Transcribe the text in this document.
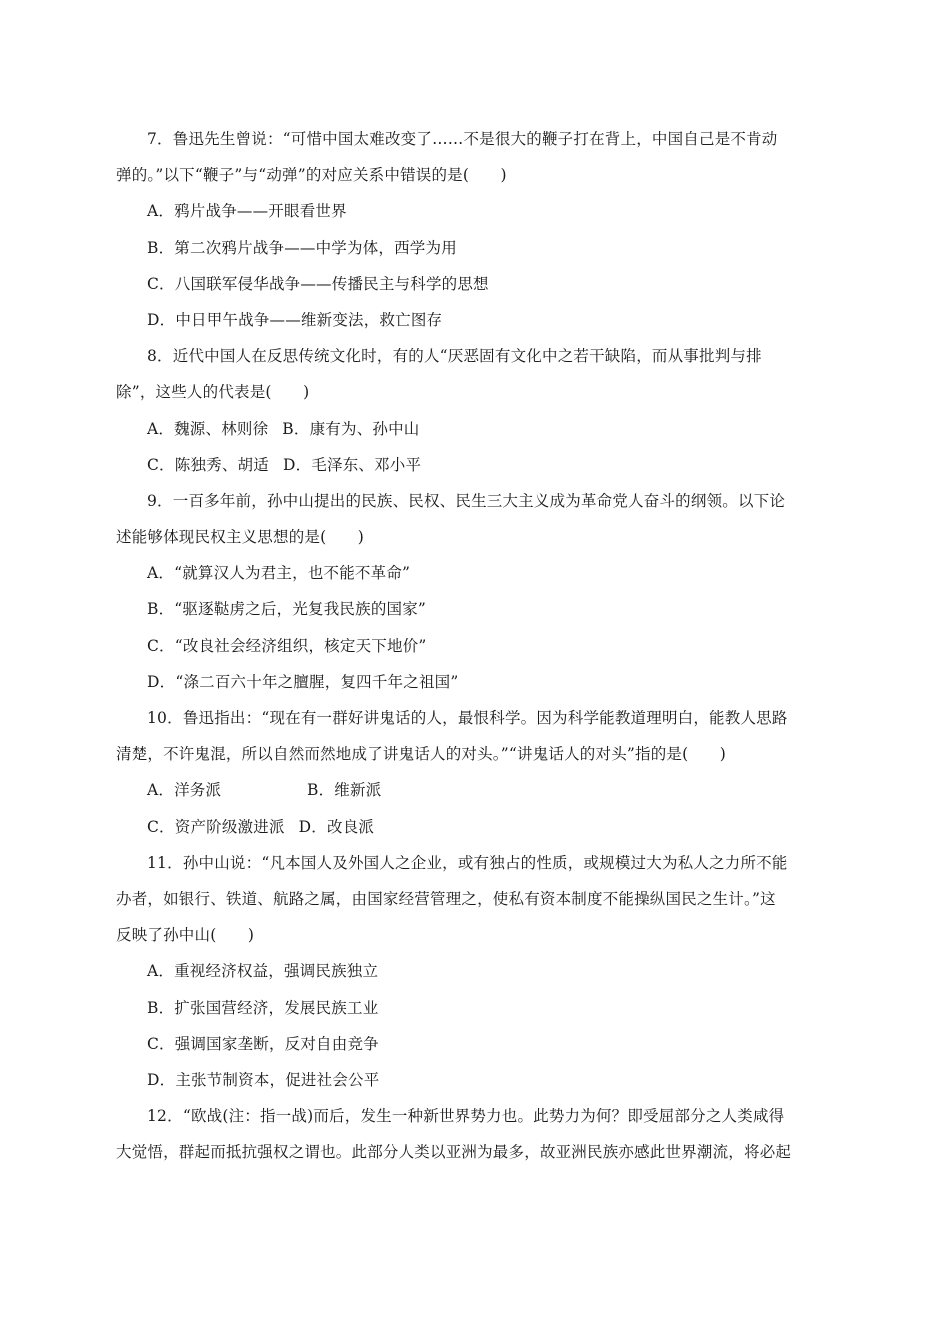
7．鲁迅先生曾说：“可惜中国太难改变了……不是很大的鞭子打在背上，中国自己是不肯动
弹的。”以下“鞭子”与“动弹”的对应关系中错误的是(　　)
A．鸦片战争——开眼看世界
B．第二次鸦片战争——中学为体，西学为用
C．八国联军侵华战争——传播民主与科学的思想
D．中日甲午战争——维新变法，救亡图存
8．近代中国人在反思传统文化时，有的人“厌恶固有文化中之若干缺陷，而从事批判与排
除”，这些人的代表是(　　)
A．魏源、林则徐 B．康有为、孙中山
C．陈独秀、胡适 D．毛泽东、邓小平
9．一百多年前，孙中山提出的民族、民权、民生三大主义成为革命党人奋斗的纲领。以下论
述能够体现民权主义思想的是(　　)
A．“就算汉人为君主，也不能不革命”
B．“驱逐鞑虏之后，光复我民族的国家”
C．“改良社会经济组织，核定天下地价”
D．“涤二百六十年之膻腥，复四千年之祖国”
10．鲁迅指出：“现在有一群好讲鬼话的人，最恨科学。因为科学能教道理明白，能教人思路
清楚，不许鬼混，所以自然而然地成了讲鬼话人的对头。”“讲鬼话人的对头”指的是(　　)
A．洋务派	B．维新派
C．资产阶级激进派 D．改良派
11．孙中山说：“凡本国人及外国人之企业，或有独占的性质，或规模过大为私人之力所不能
办者，如银行、铁道、航路之属，由国家经营管理之，使私有资本制度不能操纵国民之生计。”这
反映了孙中山(　　)
A．重视经济权益，强调民族独立
B．扩张国营经济，发展民族工业
C．强调国家垄断，反对自由竞争
D．主张节制资本，促进社会公平
12．“欧战(注：指一战)而后，发生一种新世界势力也。此势力为何？即受屈部分之人类咸得
大觉悟，群起而抵抗强权之谓也。此部分人类以亚洲为最多，故亚洲民族亦感此世界潮流，将必起
